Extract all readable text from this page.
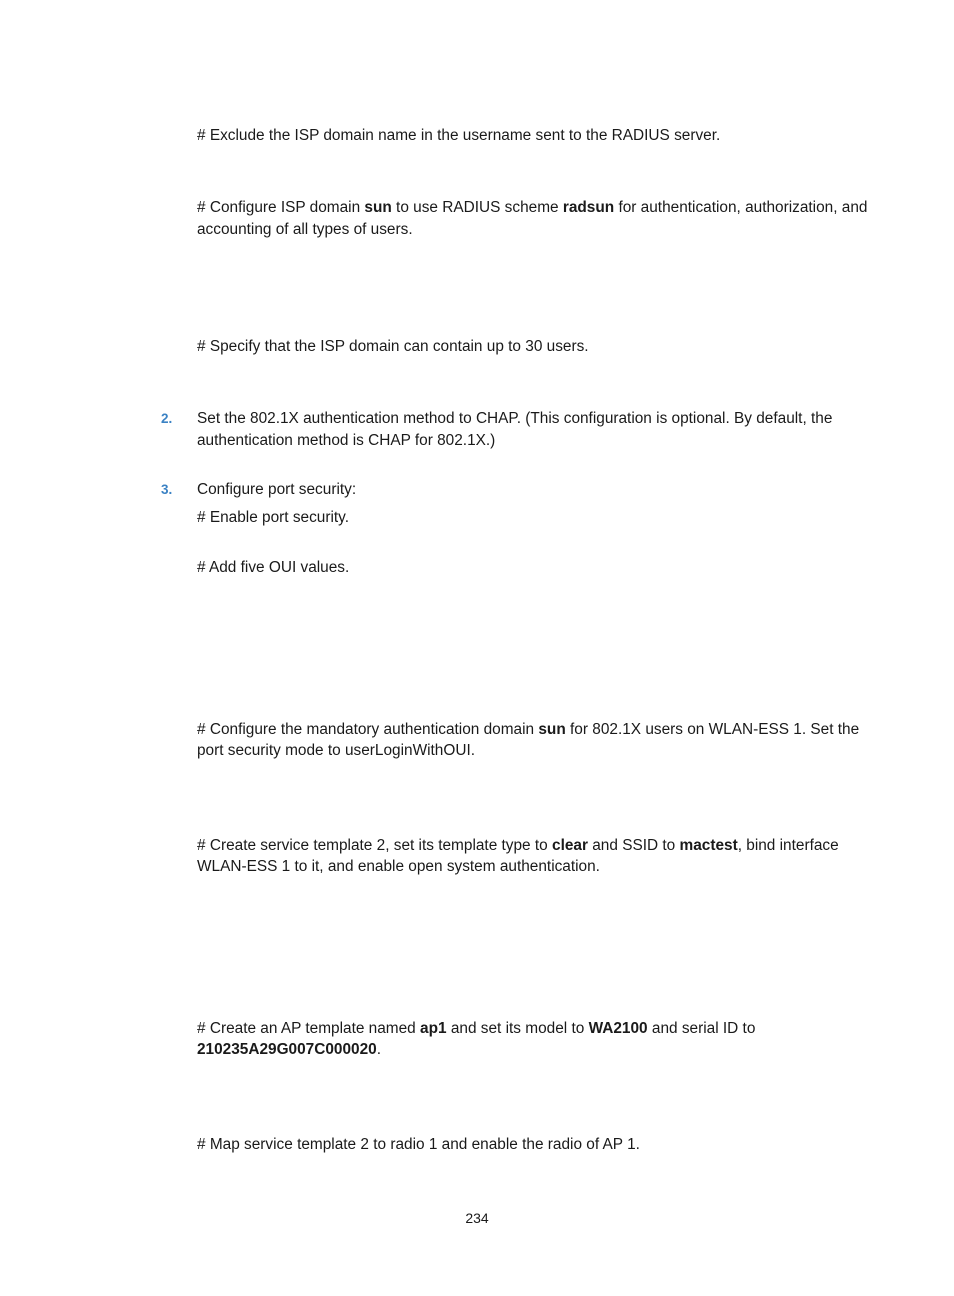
# Exclude the ISP domain name in the username sent to the RADIUS server.
# Configure ISP domain sun to use RADIUS scheme radsun for authentication, authorization, and
accounting of all types of users.
# Specify that the ISP domain can contain up to 30 users.
2. Set the 802.1X authentication method to CHAP. (This configuration is optional. By default, the
authentication method is CHAP for 802.1X.)
3. Configure port security:
# Enable port security.
# Add five OUI values.
# Configure the mandatory authentication domain sun for 802.1X users on WLAN-ESS 1. Set the
port security mode to userLoginWithOUI.
# Create service template 2, set its template type to clear and SSID to mactest, bind interface
WLAN-ESS 1 to it, and enable open system authentication.
# Create an AP template named ap1 and set its model to WA2100 and serial ID to
210235A29G007C000020.
# Map service template 2 to radio 1 and enable the radio of AP 1.
234
